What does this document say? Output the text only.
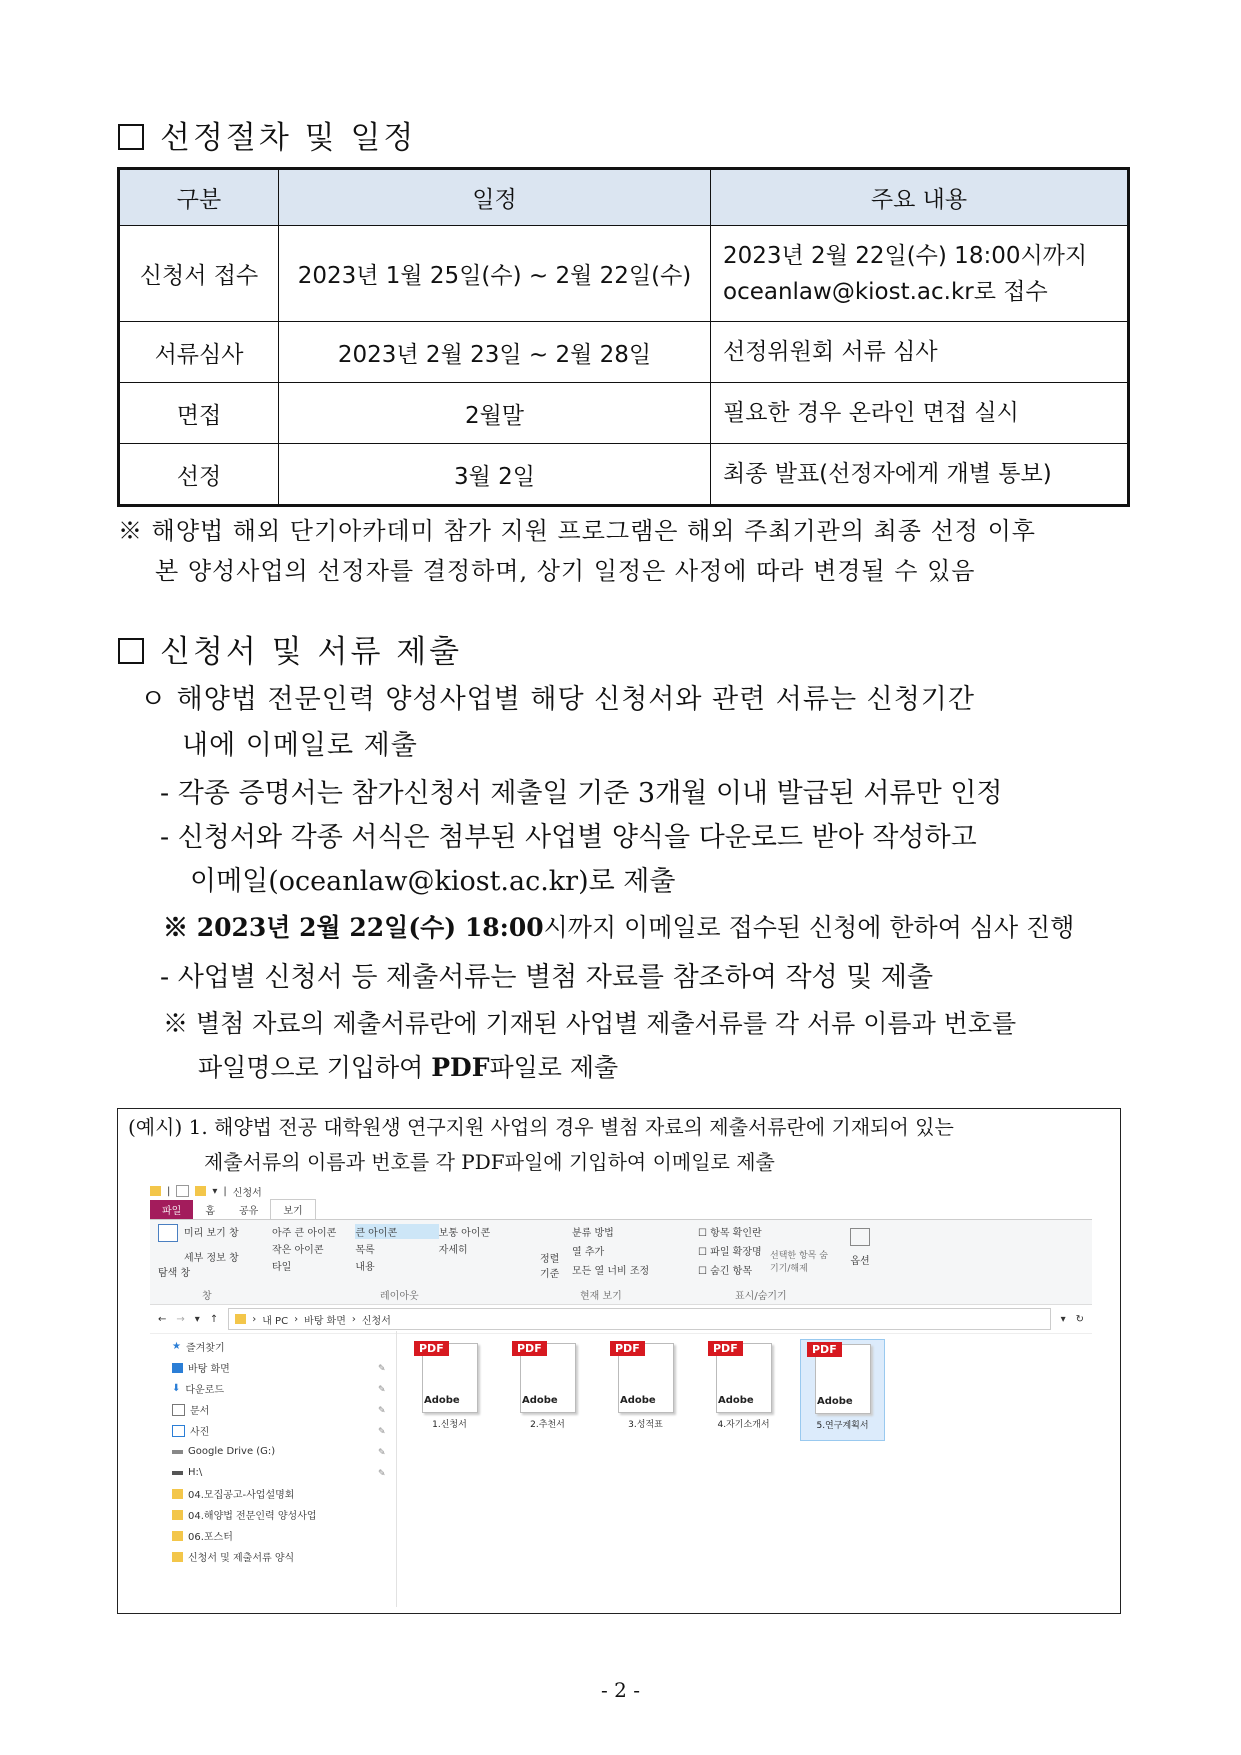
선정절차 및 일정
구분	일정	주요 내용
신청서 접수	2023년 1월 25일(수) ~ 2월 22일(수)	2023년 2월 22일(수) 18:00시까지
oceanlaw@kiost.ac.kr로 접수

서류심사	2023년 2월 23일 ~ 2월 28일	선정위원회 서류 심사
면접	2월말	필요한 경우 온라인 면접 실시
선정	3월 2일	최종 발표(선정자에게 개별 통보)
※ 해양법 해외 단기아카데미 참가 지원 프로그램은 해외 주최기관의 최종 선정 이후
본 양성사업의 선정자를 결정하며, 상기 일정은 사정에 따라 변경될 수 있음
신청서 및 서류 제출
ㅇ 해양법 전문인력 양성사업별 해당 신청서와 관련 서류는 신청기간
내에 이메일로 제출
- 각종 증명서는 참가신청서 제출일 기준 3개월 이내 발급된 서류만 인정
- 신청서와 각종 서식은 첨부된 사업별 양식을 다운로드 받아 작성하고
이메일(oceanlaw@kiost.ac.kr)로 제출
※ 2023년 2월 22일(수) 18:00시까지 이메일로 접수된 신청에 한하여 심사 진행
- 사업별 신청서 등 제출서류는 별첨 자료를 참조하여 작성 및 제출
※ 별첨 자료의 제출서류란에 기재된 사업별 제출서류를 각 서류 이름과 번호를
파일명으로 기입하여 PDF파일로 제출
(예시) 1. 해양법 전공 대학원생 연구지원 사업의 경우 별첨 자료의 제출서류란에 기재되어 있는
제출서류의 이름과 번호를 각 PDF파일에 기입하여 이메일로 제출
|	▾ | 신청서
파일	홈	공유	보기
미리 보기 창
세부 정보 창
탐색 창
창
아주 큰 아이콘	큰 아이콘	보통 아이콘
작은 아이콘	목록	자세히
타일	내용
레이아웃
분류 방법
열 추가
모든 열 너비 조정
정렬 기준
현재 보기
☐ 항목 확인란
☐ 파일 확장명
☐ 숨긴 항목
선택한 항목 숨기기/해제
표시/숨기기
옵션
← → ▾ ↑	› 내 PC › 바탕 화면 › 신청서	▾ ↻
★ 즐겨찾기
바탕 화면
⬇ 다운로드
문서
사진
Google Drive (G:)
H:\
04.모집공고-사업설명회
04.해양법 전문인력 양성사업
06.포스터
신청서 및 제출서류 양식
✎
✎
✎
✎
✎
✎
PDF
Adobe
1.신청서
PDF
Adobe
2.추천서
PDF
Adobe
3.성적표
PDF
Adobe
4.자기소개서
PDF
Adobe
5.연구계획서
- 2 -
